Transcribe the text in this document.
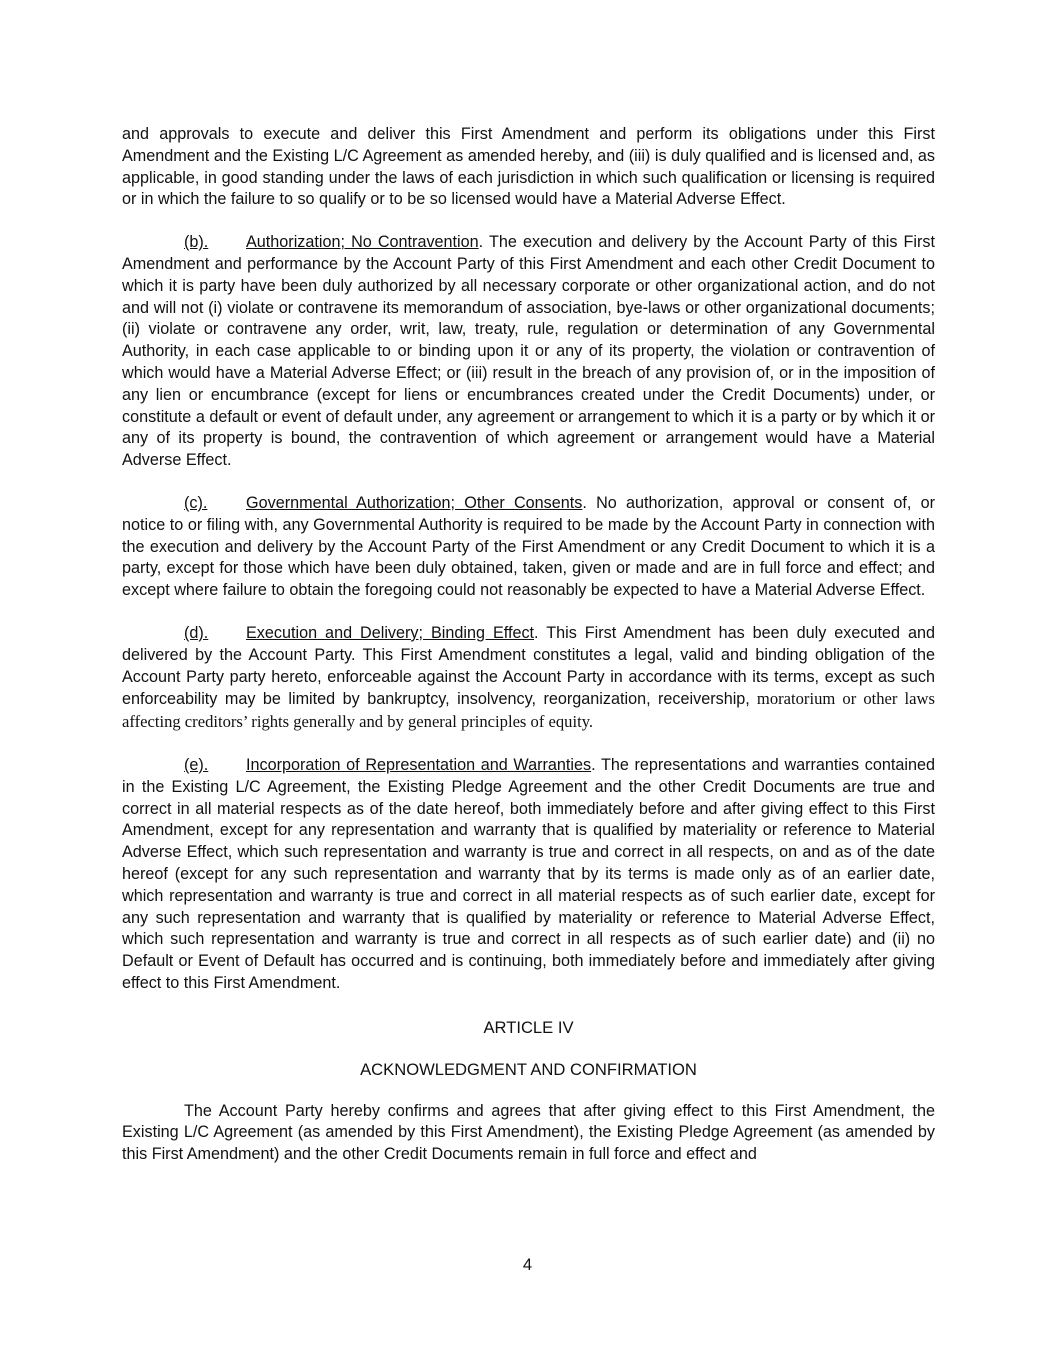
and approvals to execute and deliver this First Amendment and perform its obligations under this First Amendment and the Existing L/C Agreement as amended hereby, and (iii) is duly qualified and is licensed and, as applicable, in good standing under the laws of each jurisdiction in which such qualification or licensing is required or in which the failure to so qualify or to be so licensed would have a Material Adverse Effect.

(b). Authorization; No Contravention. The execution and delivery by the Account Party of this First Amendment and performance by the Account Party of this First Amendment and each other Credit Document to which it is party have been duly authorized by all necessary corporate or other organizational action, and do not and will not (i) violate or contravene its memorandum of association, bye-laws or other organizational documents; (ii) violate or contravene any order, writ, law, treaty, rule, regulation or determination of any Governmental Authority, in each case applicable to or binding upon it or any of its property, the violation or contravention of which would have a Material Adverse Effect; or (iii) result in the breach of any provision of, or in the imposition of any lien or encumbrance (except for liens or encumbrances created under the Credit Documents) under, or constitute a default or event of default under, any agreement or arrangement to which it is a party or by which it or any of its property is bound, the contravention of which agreement or arrangement would have a Material Adverse Effect.

(c). Governmental Authorization; Other Consents. No authorization, approval or consent of, or notice to or filing with, any Governmental Authority is required to be made by the Account Party in connection with the execution and delivery by the Account Party of the First Amendment or any Credit Document to which it is a party, except for those which have been duly obtained, taken, given or made and are in full force and effect; and except where failure to obtain the foregoing could not reasonably be expected to have a Material Adverse Effect.

(d). Execution and Delivery; Binding Effect. This First Amendment has been duly executed and delivered by the Account Party. This First Amendment constitutes a legal, valid and binding obligation of the Account Party party hereto, enforceable against the Account Party in accordance with its terms, except as such enforceability may be limited by bankruptcy, insolvency, reorganization, receivership, moratorium or other laws affecting creditors’ rights generally and by general principles of equity.

(e). Incorporation of Representation and Warranties. The representations and warranties contained in the Existing L/C Agreement, the Existing Pledge Agreement and the other Credit Documents are true and correct in all material respects as of the date hereof, both immediately before and after giving effect to this First Amendment, except for any representation and warranty that is qualified by materiality or reference to Material Adverse Effect, which such representation and warranty is true and correct in all respects, on and as of the date hereof (except for any such representation and warranty that by its terms is made only as of an earlier date, which representation and warranty is true and correct in all material respects as of such earlier date, except for any such representation and warranty that is qualified by materiality or reference to Material Adverse Effect, which such representation and warranty is true and correct in all respects as of such earlier date) and (ii) no Default or Event of Default has occurred and is continuing, both immediately before and immediately after giving effect to this First Amendment.

ARTICLE IV

ACKNOWLEDGMENT AND CONFIRMATION

The Account Party hereby confirms and agrees that after giving effect to this First Amendment, the Existing L/C Agreement (as amended by this First Amendment), the Existing Pledge Agreement (as amended by this First Amendment) and the other Credit Documents remain in full force and effect and

4
